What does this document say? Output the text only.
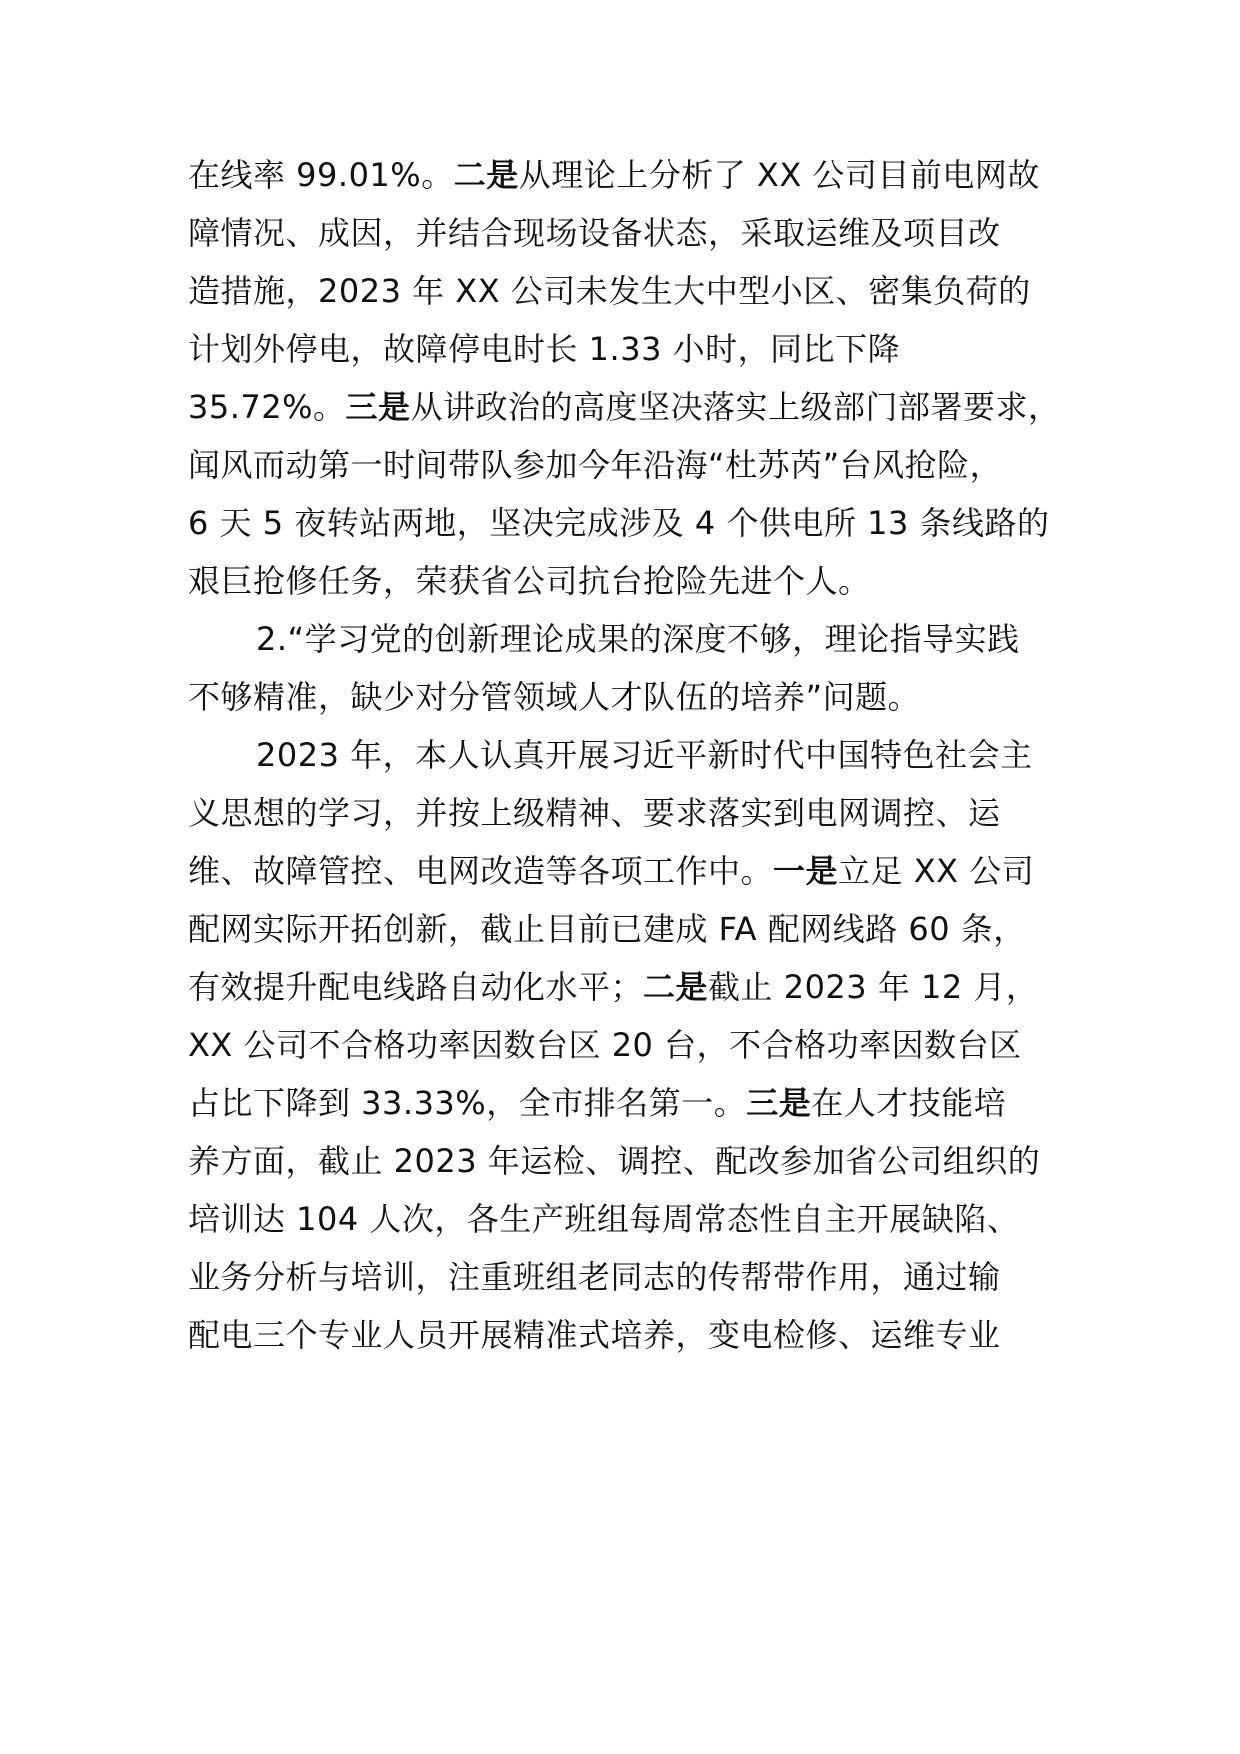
在线率 99.01%。二是从理论上分析了 XX 公司目前电网故
障情况、成因，并结合现场设备状态，采取运维及项目改
造措施，2023 年 XX 公司未发生大中型小区、密集负荷的
计划外停电，故障停电时长 1.33 小时，同比下降
35.72%。三是从讲政治的高度坚决落实上级部门部署要求，
闻风而动第一时间带队参加今年沿海“杜苏芮”台风抢险，
6 天 5 夜转站两地，坚决完成涉及 4 个供电所 13 条线路的
艰巨抢修任务，荣获省公司抗台抢险先进个人。
2.“学习党的创新理论成果的深度不够，理论指导实践
不够精准，缺少对分管领域人才队伍的培养”问题。
2023 年，本人认真开展习近平新时代中国特色社会主
义思想的学习，并按上级精神、要求落实到电网调控、运
维、故障管控、电网改造等各项工作中。一是立足 XX 公司
配网实际开拓创新，截止目前已建成 FA 配网线路 60 条，
有效提升配电线路自动化水平；二是截止 2023 年 12 月，
XX 公司不合格功率因数台区 20 台，不合格功率因数台区
占比下降到 33.33%，全市排名第一。三是在人才技能培
养方面，截止 2023 年运检、调控、配改参加省公司组织的
培训达 104 人次，各生产班组每周常态性自主开展缺陷、
业务分析与培训，注重班组老同志的传帮带作用，通过输
配电三个专业人员开展精准式培养，变电检修、运维专业
